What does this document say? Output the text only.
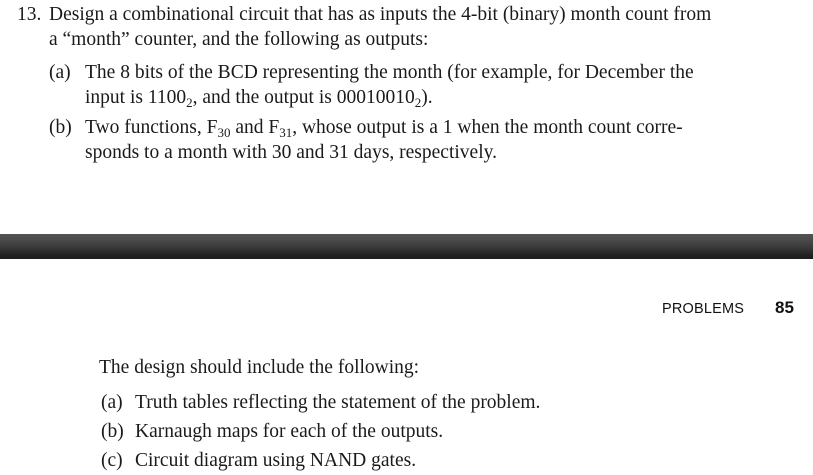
13. Design a combinational circuit that has as inputs the 4-bit (binary) month count from
a “month” counter, and the following as outputs:
(a) The 8 bits of the BCD representing the month (for example, for December the
input is $1100_2$, and the output is $00010010_2$).
(b) Two functions, $F_{30}$ and $F_{31}$, whose output is a 1 when the month count corre-
sponds to a month with 30 and 31 days, respectively.
PROBLEMS 85
The design should include the following:
(a) Truth tables reflecting the statement of the problem.
(b) Karnaugh maps for each of the outputs.
(c) Circuit diagram using NAND gates.
